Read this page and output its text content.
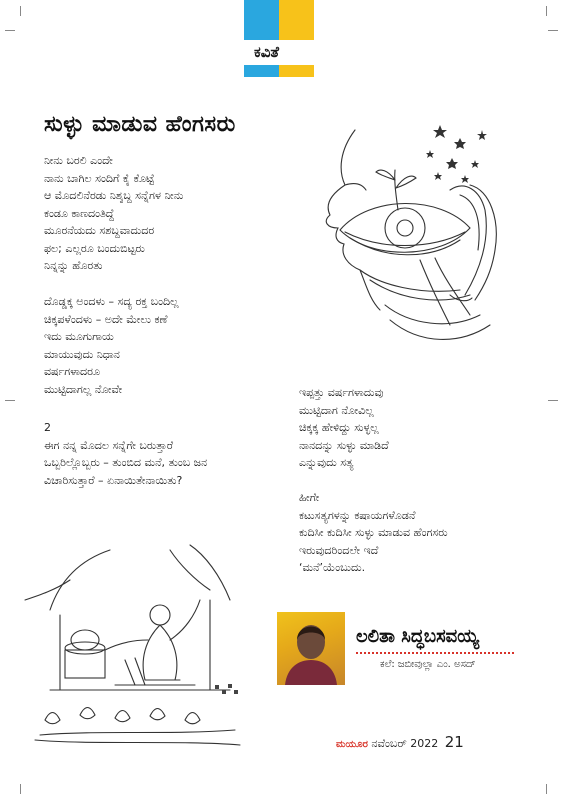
ಕವಿತೆ
ಸುಳ್ಳು ಮಾಡುವ ಹೆಂಗಸರು
ನೀನು ಬರಲಿ ಎಂದೇ
ನಾನು ಬಾಗಿಲ ಸಂದಿಗೆ ಕೈ ಕೊಟ್ಟೆ
ಆ ಮೊದಲಿನೆರಡು ನಿಶ್ಶಬ್ದ ಸನ್ನೆಗಳ ನೀನು
ಕಂಡೂ ಕಾಣದಂತಿದ್ದೆ
ಮೂರನೆಯದು ಸಶಬ್ದವಾದುದರ
ಫಲ; ಎಲ್ಲರೂ ಬಂದುಬಿಟ್ಟರು
ನಿನ್ನನ್ನು ಹೊರತು
ದೊಡ್ಡಕ್ಕ ಅಂದಳು – ಸದ್ಯ ರಕ್ತ ಬಂದಿಲ್ಲ
ಚಿಕ್ಕಪಳೆಂದಳು – ಅದೇ ಮೇಲು ಕಣೆ
ಇದು ಮೂಗುಗಾಯ
ಮಾಯುವುದು ನಿಧಾನ
ವರ್ಷಗಳಾದರೂ
ಮುಟ್ಟಿದಾಗಲ್ಲ ನೋವೇ
2
ಈಗ ನನ್ನ ಮೊದಲ ಸನ್ನೆಗೇ ಬರುತ್ತಾರೆ
ಒಬ್ಬರಿಲ್ಲೊಬ್ಬರು – ತುಂಬಿದ ಮನೆ, ತುಂಬ ಜನ
ವಿಚಾರಿಸುತ್ತಾರೆ – ಏನಾಯಿತೇನಾಯಿತು?
ಇಪ್ಪತ್ತು ವರ್ಷಗಳಾದುವು
ಮುಟ್ಟಿದಾಗ ನೋವಿಲ್ಲ
ಚಿಕ್ಕಕ್ಕ ಹೇಳಿದ್ದು ಸುಳ್ಳಲ್ಲ
ನಾನದನ್ನು ಸುಳ್ಳು ಮಾಡಿದೆ
ಎನ್ನುವುದು ಸತ್ಯ
ಹೀಗೇ
ಕಟುಸತ್ಯಗಳನ್ನು ಕಷಾಯಗಳೊಡನೆ
ಕುದಿಸೀ ಕುದಿಸೀ ಸುಳ್ಳು ಮಾಡುವ ಹೆಂಗಸರು
ಇರುವುದರಿಂದಲೇ ಇದೆ
‘ಮನೆ’ಯೆಂಬುದು.
ಲಲಿತಾ ಸಿದ್ಧಬಸವಯ್ಯ
ಕಲೆ: ಜಬೀವುಲ್ಲಾ ಎಂ. ಅಸದ್
ಮಯೂರ ನವೆಂಬರ್ 2022 21
